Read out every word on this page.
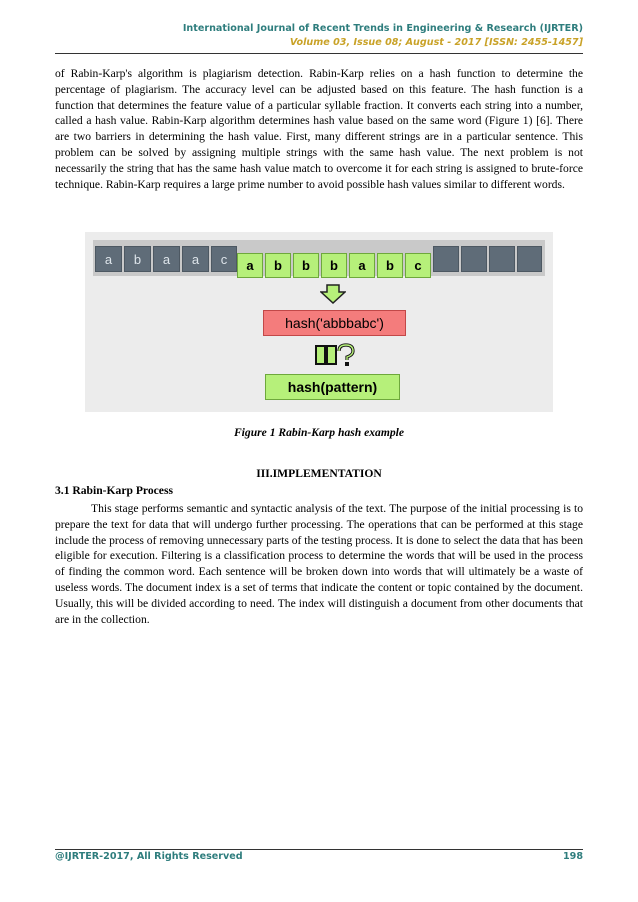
International Journal of Recent Trends in Engineering & Research (IJRTER)
Volume 03, Issue 08; August - 2017 [ISSN: 2455-1457]

of Rabin-Karp's algorithm is plagiarism detection. Rabin-Karp relies on a hash function to determine the percentage of plagiarism. The accuracy level can be adjusted based on this feature. The hash function is a function that determines the feature value of a particular syllable fraction. It converts each string into a number, called a hash value. Rabin-Karp algorithm determines hash value based on the same word (Figure 1) [6]. There are two barriers in determining the hash value. First, many different strings are in a particular sentence. This problem can be solved by assigning multiple strings with the same hash value. The next problem is not necessarily the string that has the same hash value match to overcome it for each string is assigned to brute-force technique. Rabin-Karp requires a large prime number to avoid possible hash values similar to different words.

a	b	a	a	c	a	b	b	b	a	b	c
hash('abbbabc')
hash(pattern)
Figure 1 Rabin-Karp hash example
III.IMPLEMENTATION
3.1 Rabin-Karp Process

This stage performs semantic and syntactic analysis of the text. The purpose of the initial processing is to prepare the text for data that will undergo further processing. The operations that can be performed at this stage include the process of removing unnecessary parts of the testing process. It is done to select the data that has been eligible for execution. Filtering is a classification process to determine the words that will be used in the process of finding the common word. Each sentence will be broken down into words that will ultimately be a waste of useless words. The document index is a set of terms that indicate the content or topic contained by the document. Usually, this will be divided according to need. The index will distinguish a document from other documents that are in the collection.

@IJRTER-2017, All Rights Reserved	198
